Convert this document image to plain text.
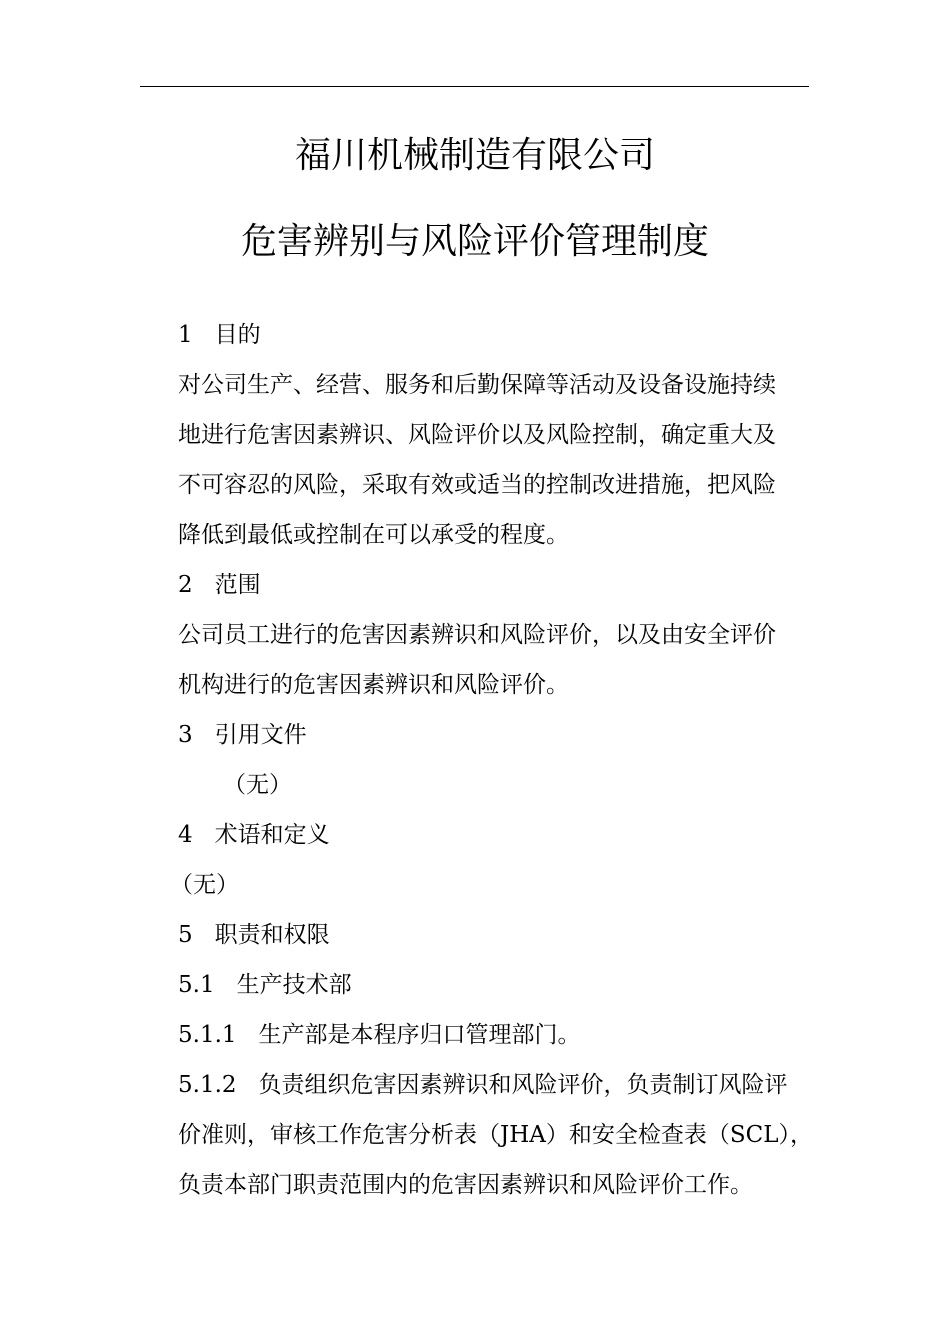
福川机械制造有限公司
危害辨别与风险评价管理制度
1 目的
对公司生产、经营、服务和后勤保障等活动及设备设施持续
地进行危害因素辨识、风险评价以及风险控制，确定重大及
不可容忍的风险，采取有效或适当的控制改进措施，把风险
降低到最低或控制在可以承受的程度。
2 范围
公司员工进行的危害因素辨识和风险评价，以及由安全评价
机构进行的危害因素辨识和风险评价。
3 引用文件
（无）
4 术语和定义
（无）
5 职责和权限
5.1 生产技术部
5.1.1 生产部是本程序归口管理部门。
5.1.2 负责组织危害因素辨识和风险评价，负责制订风险评
价准则，审核工作危害分析表（JHA）和安全检查表（SCL），
负责本部门职责范围内的危害因素辨识和风险评价工作。
